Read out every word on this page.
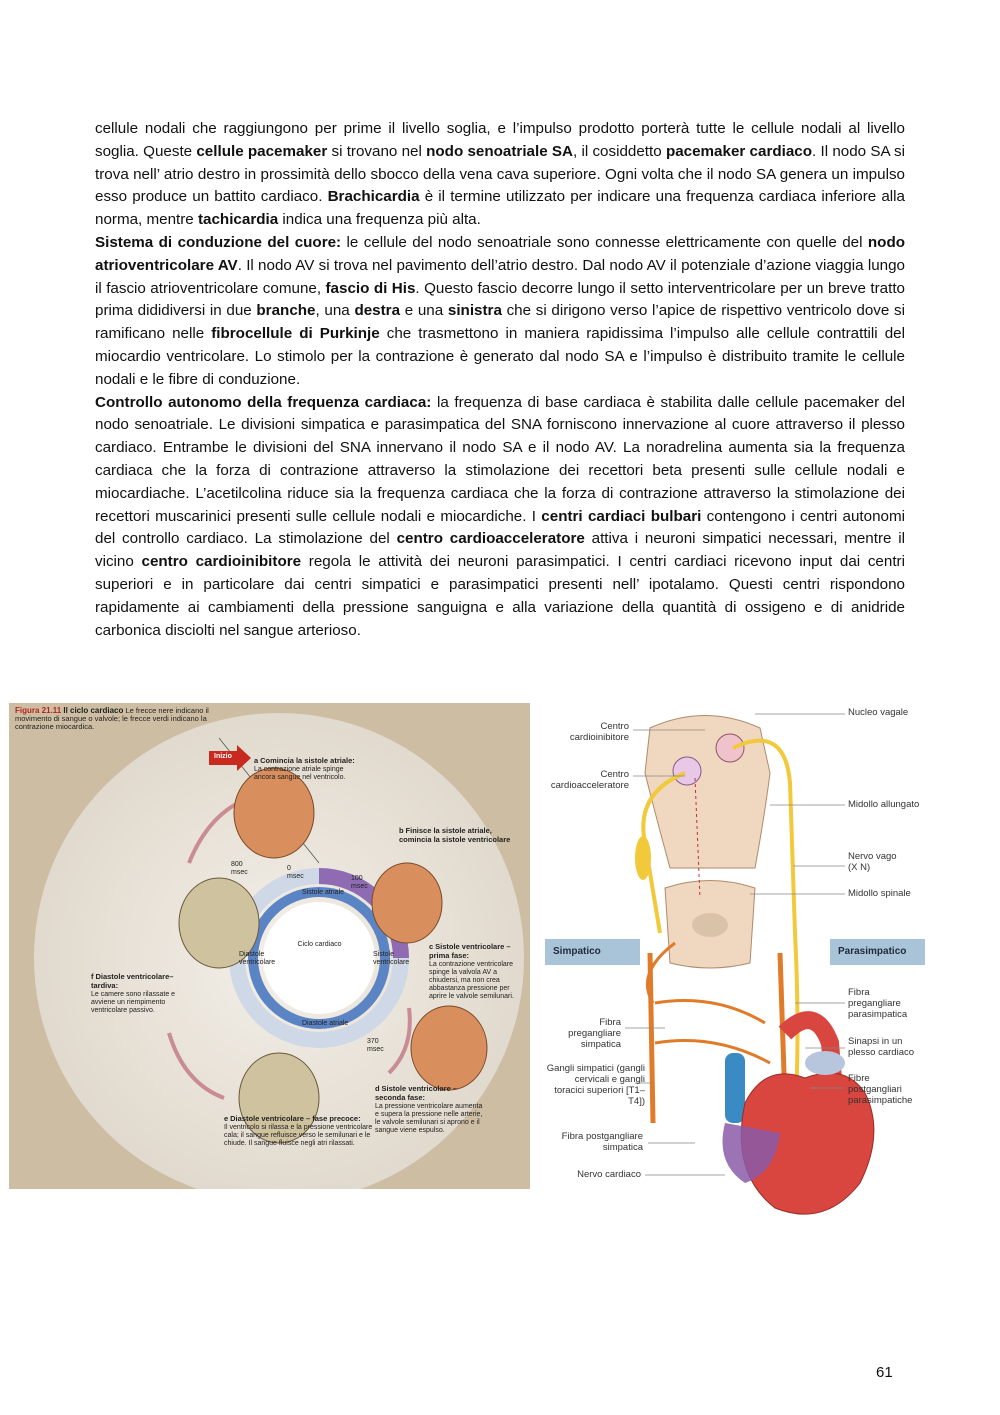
cellule nodali che raggiungono per prime il livello soglia, e l’impulso prodotto porterà tutte le cellule nodali al livello soglia. Queste cellule pacemaker si trovano nel nodo senoatriale SA, il cosiddetto pacemaker cardiaco. Il nodo SA si trova nell’ atrio destro in prossimità dello sbocco della vena cava superiore. Ogni volta che il nodo SA genera un impulso esso produce un battito cardiaco. Brachicardia è il termine utilizzato per indicare una frequenza cardiaca inferiore alla norma, mentre tachicardia indica una frequenza più alta.

Sistema di conduzione del cuore: le cellule del nodo senoatriale sono connesse elettricamente con quelle del nodo atrioventricolare AV. Il nodo AV si trova nel pavimento dell’atrio destro. Dal nodo AV il potenziale d’azione viaggia lungo il fascio atrioventricolare comune, fascio di His. Questo fascio decorre lungo il setto interventricolare per un breve tratto prima dididiversi in due branche, una destra e una sinistra che si dirigono verso l’apice de rispettivo ventricolo dove si ramificano nelle fibrocellule di Purkinje che trasmettono in maniera rapidissima l’impulso alle cellule contrattili del miocardio ventricolare. Lo stimolo per la contrazione è generato dal nodo SA e l’impulso è distribuito tramite le cellule nodali e le fibre di conduzione.

Controllo autonomo della frequenza cardiaca: la frequenza di base cardiaca è stabilita dalle cellule pacemaker del nodo senoatriale. Le divisioni simpatica e parasimpatica del SNA forniscono innervazione al cuore attraverso il plesso cardiaco. Entrambe le divisioni del SNA innervano il nodo SA e il nodo AV. La noradrelina aumenta sia la frequenza cardiaca che la forza di contrazione attraverso la stimolazione dei recettori beta presenti sulle cellule nodali e miocardiache. L’acetilcolina riduce sia la frequenza cardiaca che la forza di contrazione attraverso la stimolazione dei recettori muscarinici presenti sulle cellule nodali e miocardiche. I centri cardiaci bulbari contengono i centri autonomi del controllo cardiaco. La stimolazione del centro cardioacceleratore attiva i neuroni simpatici necessari, mentre il vicino centro cardioinibitore regola le attività dei neuroni parasimpatici. I centri cardiaci ricevono input dai centri superiori e in particolare dai centri simpatici e parasimpatici presenti nell’ ipotalamo. Questi centri rispondono rapidamente ai cambiamenti della pressione sanguigna e alla variazione della quantità di ossigeno e di anidride carbonica disciolti nel sangue arterioso.

Figura 21.11 Il ciclo cardiaco Le frecce nere indicano il movimento di sangue o valvole; le frecce verdi indicano la contrazione miocardica.
Inizio
Ciclo cardiaco
Sistole atriale
Diastole atriale
Sistole ventricolare
Diastole ventricolare
0 msec	100 msec
370 msec
800 msec
a Comincia la sistole atriale:
La contrazione atriale spinge ancora sangue nel ventricolo.
b Finisce la sistole atriale, comincia la sistole ventricolare
c Sistole ventricolare – prima fase:
La contrazione ventricolare spinge la valvola AV a chiudersi, ma non crea abbastanza pressione per aprire le valvole semilunari.
d Sistole ventricolare – seconda fase:
La pressione ventricolare aumenta e supera la pressione nelle arterie, le valvole semilunari si aprono e il sangue viene espulso.
e Diastole ventricolare – fase precoce:
Il ventricolo si rilassa e la pressione ventricolare cala; il sangue refluisce verso le semilunari e le chiude. Il sangue fluisce negli atri rilassati.
f Diastole ventricolare–tardiva:
Le camere sono rilassate e avviene un riempimento ventricolare passivo.
Simpatico	Parasimpatico
Centro cardioinibitore
Centro cardioacceleratore
Fibra pregangliare simpatica
Gangli simpatici (gangli cervicali e gangli toracici superiori [T1–T4])
Fibra postgangliare simpatica
Nervo cardiaco
Nucleo vagale
Midollo allungato
Nervo vago (X N)
Midollo spinale
Fibra pregangliare parasimpatica
Sinapsi in un plesso cardiaco
Fibre postgangliari parasimpatiche
61
